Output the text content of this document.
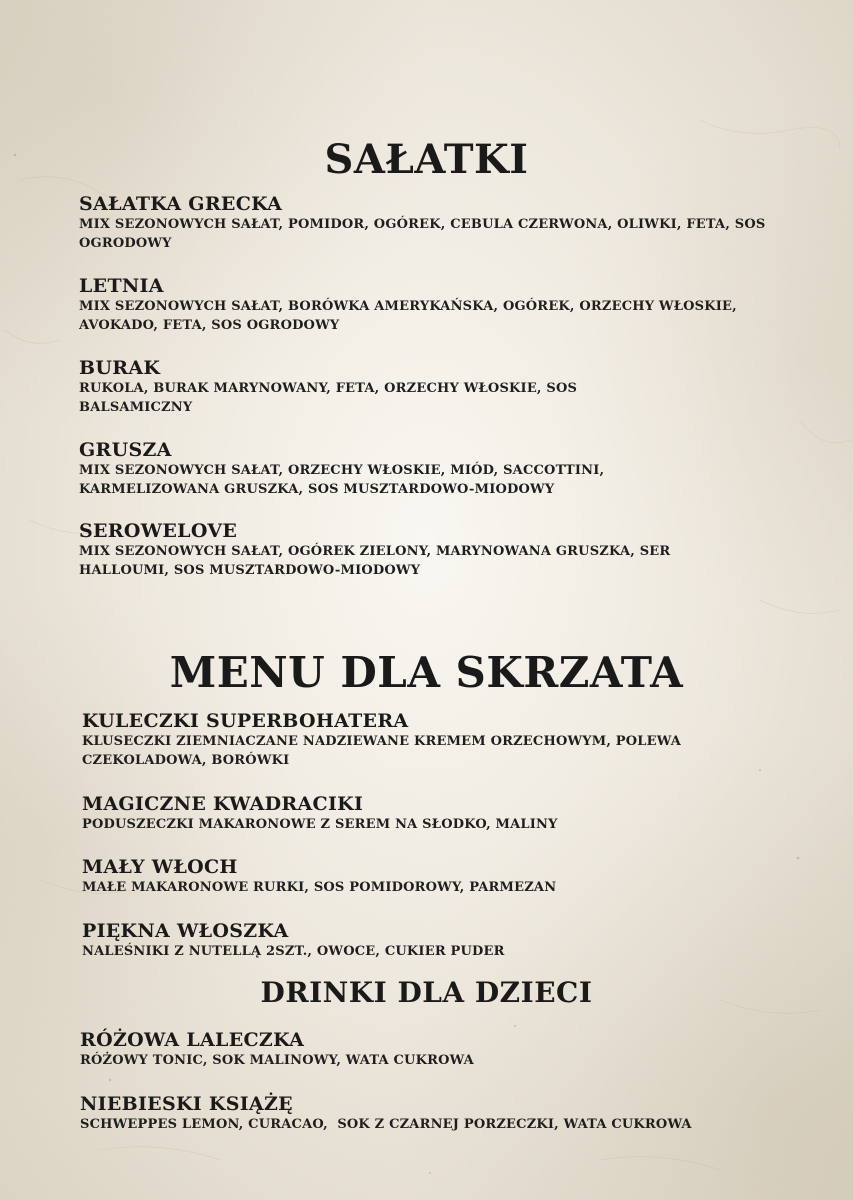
SAŁATKI
SAŁATKA GRECKA
MIX SEZONOWYCH SAŁAT, POMIDOR, OGÓREK, CEBULA CZERWONA, OLIWKI, FETA, SOS OGRODOWY
LETNIA
MIX SEZONOWYCH SAŁAT, BORÓWKA AMERYKAŃSKA, OGÓREK, ORZECHY WŁOSKIE, AVOKADO, FETA, SOS OGRODOWY
BURAK
RUKOLA, BURAK MARYNOWANY, FETA, ORZECHY WŁOSKIE, SOS BALSAMICZNY
GRUSZA
MIX SEZONOWYCH SAŁAT, ORZECHY WŁOSKIE, MIÓD, SACCOTTINI, KARMELIZOWANA GRUSZKA, SOS MUSZTARDOWO-MIODOWY
SEROWELOVE
MIX SEZONOWYCH SAŁAT, OGÓREK ZIELONY, MARYNOWANA GRUSZKA, SER HALLOUMI, SOS MUSZTARDOWO-MIODOWY
MENU DLA SKRZATA
KULECZKI SUPERBOHATERA
KLUSECZKI ZIEMNIACZANE NADZIEWANE KREMEM ORZECHOWYM, POLEWA CZEKOLADOWA, BORÓWKI
MAGICZNE KWADRACIKI
PODUSZECZKI MAKARONOWE Z SEREM NA SŁODKO, MALINY
MAŁY WŁOCH
MAŁE MAKARONOWE RURKI, SOS POMIDOROWY, PARMEZAN
PIĘKNA WŁOSZKA
NALEŚNIKI Z NUTELLĄ 2SZT., OWOCE, CUKIER PUDER
DRINKI DLA DZIECI
RÓŻOWA LALECZKA
RÓŻOWY TONIC, SOK MALINOWY, WATA CUKROWA
NIEBIESKI KSIĄŻĘ
SCHWEPPES LEMON, CURACAO,  SOK Z CZARNEJ PORZECZKI, WATA CUKROWA
